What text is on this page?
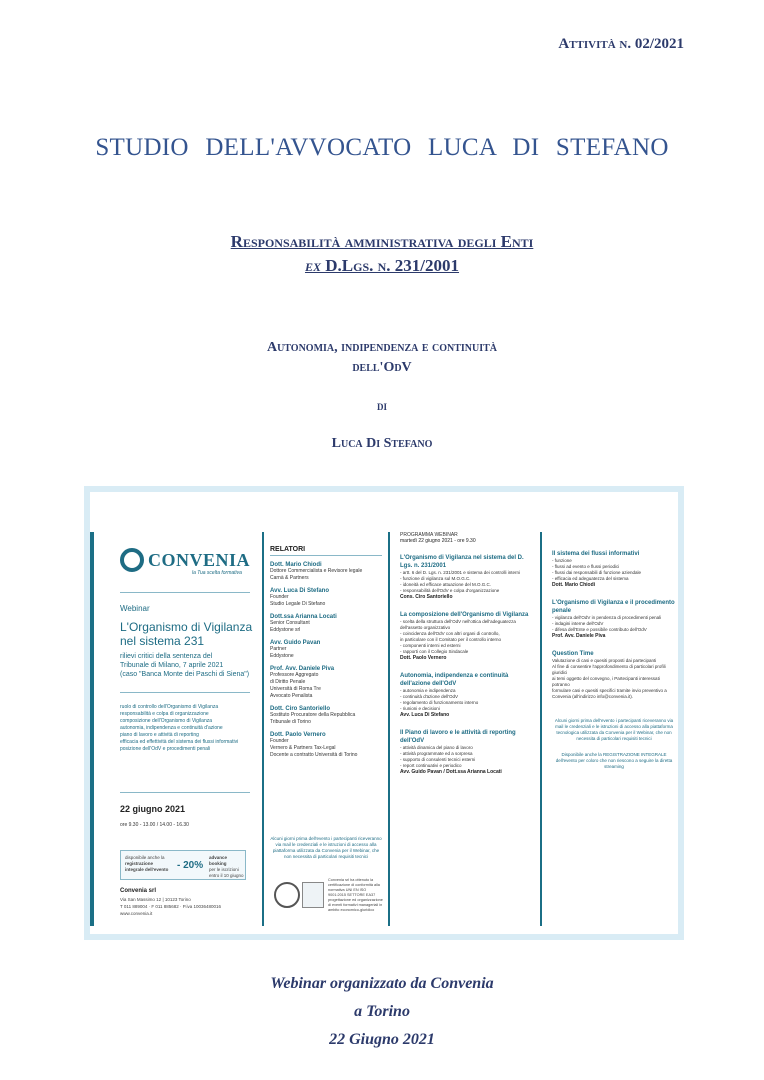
Attività n. 02/2021
STUDIO DELL'AVVOCATO LUCA DI STEFANO
Responsabilità amministrativa degli Enti
ex D.Lgs. n. 231/2001
Autonomia, indipendenza e continuità
dell'OdV
di
Luca Di Stefano
CONVENIA
la Tua scelta formativa
Webinar
L'Organismo di Vigilanza
nel sistema 231
rilievi critici della sentenza del
Tribunale di Milano, 7 aprile 2021
(caso "Banca Monte dei Paschi di Siena")
ruolo di controllo dell'Organismo di Vigilanza
responsabilità e colpa di organizzazione
composizione dell'Organismo di Vigilanza
autonomia, indipendenza e continuità d'azione
piano di lavoro e attività di reporting
efficacia ed effettività del sistema dei flussi informativi
posizione dell'OdV e procedimenti penali
22 giugno 2021
ore 9.30 - 13.00 / 14.00 - 16.30
disponibile anche la
registrazione
integrale dell'evento - 20%
advance booking
per le iscrizioni
entro il 10 giugno
Convenia srl
Via San Massimo 12 | 10123 Torino
T 011 889004 · F 011 885682 · P.iva 10036480016
www.convenia.it
RELATORI
Dott. Mario Chiodi
Dottore Commercialista e Revisore legale
Carnà & Partners
Avv. Luca Di Stefano
Founder
Studio Legale Di Stefano
Dott.ssa Arianna Locati
Senior Consultant
Eddystone srl
Avv. Guido Pavan
Partner
Eddystone
Prof. Avv. Daniele Piva
Professore Aggregato
di Diritto Penale
Università di Roma Tre
Avvocato Penalista
Dott. Ciro Santoriello
Sostituto Procuratore della Repubblica
Tribunale di Torino
Dott. Paolo Vernero
Founder
Vernero & Partners Tax-Legal
Docente a contratto Università di Torino
Alcuni giorni prima dell'evento i partecipanti riceveranno via mail le credenziali e le istruzioni di accesso alla piattaforma utilizzata da Convenia per il Webinar, che non necessita di particolari requisiti tecnici
Convenia srl ha ottenuto la certificazione di conformità alla normativa UNI EN ISO 9001:2015 SETTORE EA37 progettazione ed organizzazione di eventi formativi manageriali in ambito economico-giuridico
PROGRAMMA WEBINAR
martedì 22 giugno 2021 - ore 9.30
L'Organismo di Vigilanza nel sistema del D. Lgs. n. 231/2001
- artt. 6 del D. Lgs. n. 231/2001 e sistema dei controlli interni
- funzione di vigilanza sul M.O.G.C.
- idoneità ed efficace attuazione del M.O.G.C.
- responsabilità dell'OdV e colpa d'organizzazione
Cons. Ciro Santoriello
La composizione dell'Organismo di Vigilanza
- scelta della struttura dell'OdV nell'ottica dell'adeguatezza
dell'assetto organizzativo
- coincidenza dell'OdV con altri organi di controllo,
in particolare con il Comitato per il controllo interno
- componenti interni ed esterni
- rapporti con il Collegio Sindacale
Dott. Paolo Vernero
Autonomia, indipendenza e continuità dell'azione dell'OdV
- autonomia e indipendenza
- continuità d'azione dell'OdV
- regolamento di funzionamento interno
- riunioni e decisioni
Avv. Luca Di Stefano
Il Piano di lavoro e le attività di reporting dell'OdV
- attività dinamica del piano di lavoro
- attività programmate ed a sorpresa
- supporto di consulenti tecnici esterni
- report continuativi e periodico
Avv. Guido Pavan / Dott.ssa Arianna Locati
Il sistema dei flussi informativi
- funzione
- flussi ad evento e flussi periodici
- flussi dai responsabili di funzione aziendale
- efficacia ed adeguatezza del sistema
Dott. Mario Chiodi
L'Organismo di Vigilanza e il procedimento penale
- vigilanza dell'OdV in pendenza di procedimenti penali
- indagini interne dell'OdV
- difesa dell'Ente e possibile contributo dell'OdV
Prof. Avv. Daniele Piva
Question Time
Valutazione di casi e quesiti proposti dai partecipanti
Al fine di consentire l'approfondimento di particolari profili giuridici
ai temi oggetto del convegno, i Partecipanti interessati potranno
formulare casi e quesiti specifici tramite invio preventivo a
Convenia (all'indirizzo info@convenia.it).
Alcuni giorni prima dell'evento i partecipanti riceveranno via mail le credenziali e le istruzioni di accesso alla piattaforma tecnologica utilizzata da Convenia per il Webinar, che non necessita di particolari requisiti tecnici
Disponibile anche la REGISTRAZIONE INTEGRALE dell'evento per coloro che non riescono a seguire la diretta streaming
Webinar organizzato da Convenia
a Torino
22 Giugno 2021
